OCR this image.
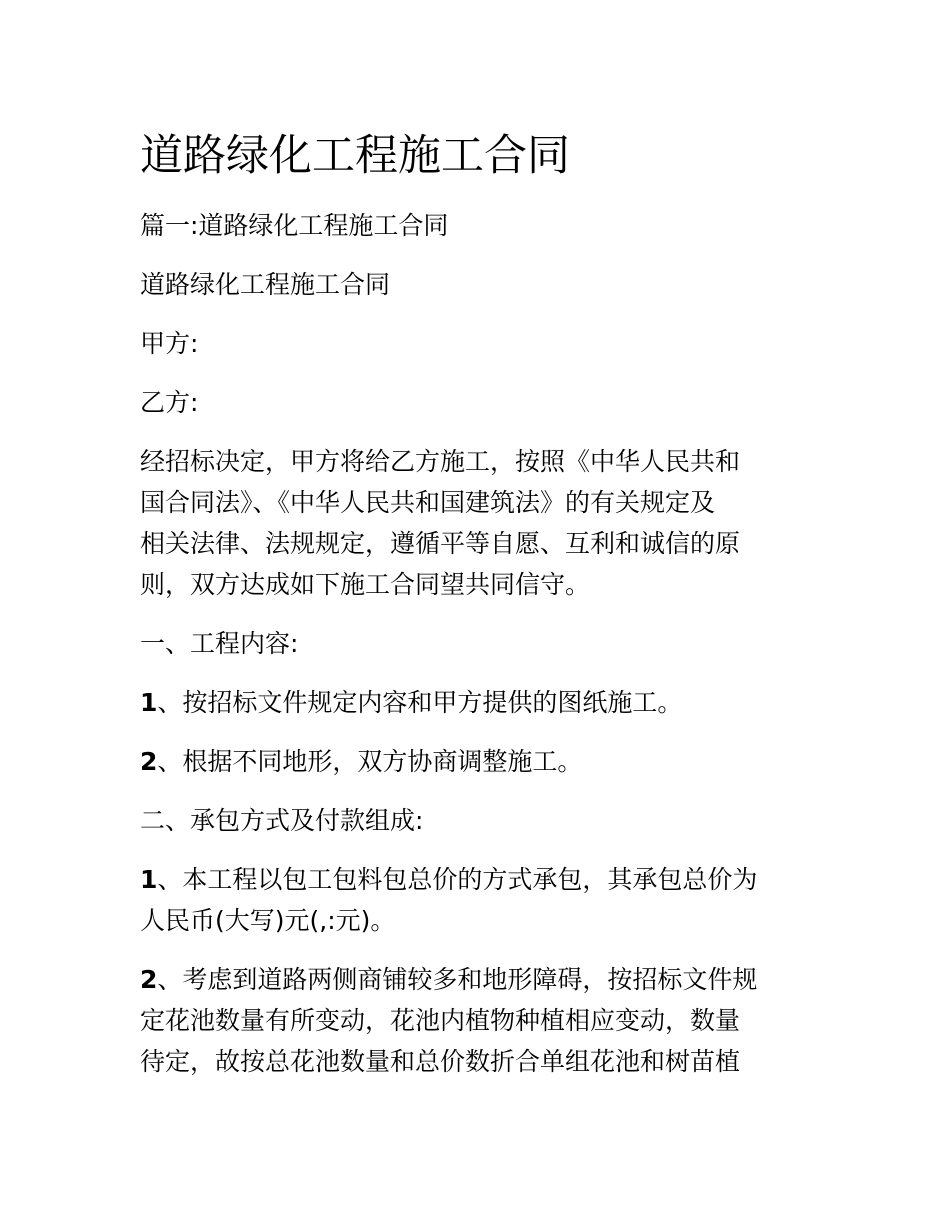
道路绿化工程施工合同

篇一:道路绿化工程施工合同

道路绿化工程施工合同

甲方:

乙方:

经招标决定，甲方将给乙方施工，按照《中华人民共和

国合同法》、《中华人民共和国建筑法》的有关规定及

相关法律、法规规定，遵循平等自愿、互利和诚信的原

则，双方达成如下施工合同望共同信守。

一、工程内容:

1、按招标文件规定内容和甲方提供的图纸施工。

2、根据不同地形，双方协商调整施工。

二、承包方式及付款组成:

1、本工程以包工包料包总价的方式承包，其承包总价为

人民币(大写)元(,:元)。

2、考虑到道路两侧商铺较多和地形障碍，按招标文件规

定花池数量有所变动，花池内植物种植相应变动，数量

待定，故按总花池数量和总价数折合单组花池和树苗植
